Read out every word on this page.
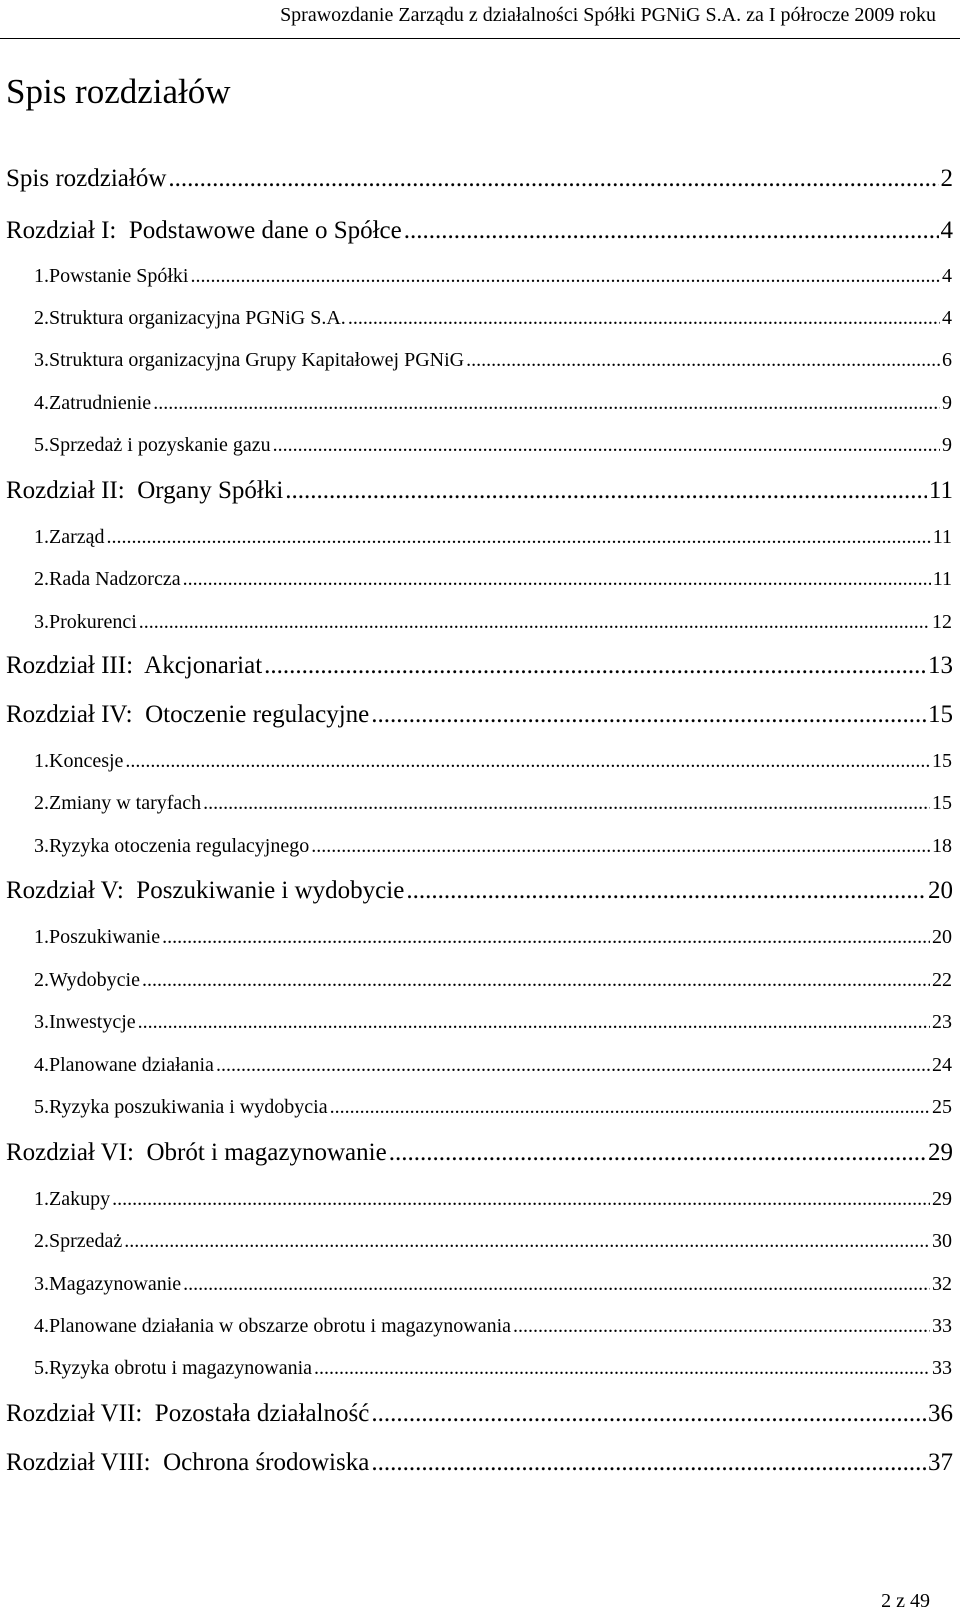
Sprawozdanie Zarządu z działalności Spółki PGNiG S.A. za I półrocze 2009 roku
Spis rozdziałów
Spis rozdziałów .....	2
Rozdział I:  Podstawowe dane o Spółce .....	4
1. Powstanie Spółki .....	4
2. Struktura organizacyjna PGNiG S.A. .....	4
3. Struktura organizacyjna Grupy Kapitałowej PGNiG .....	6
4. Zatrudnienie .....	9
5. Sprzedaż i pozyskanie gazu .....	9
Rozdział II:  Organy Spółki .....	11
1. Zarząd .....	11
2. Rada Nadzorcza .....	11
3. Prokurenci .....	12
Rozdział III:  Akcjonariat .....	13
Rozdział IV:  Otoczenie regulacyjne .....	15
1. Koncesje .....	15
2. Zmiany w taryfach .....	15
3. Ryzyka otoczenia regulacyjnego .....	18
Rozdział V:  Poszukiwanie i wydobycie .....	20
1. Poszukiwanie .....	20
2. Wydobycie .....	22
3. Inwestycje .....	23
4. Planowane działania .....	24
5. Ryzyka poszukiwania i wydobycia .....	25
Rozdział VI:  Obrót i magazynowanie .....	29
1. Zakupy .....	29
2. Sprzedaż .....	30
3. Magazynowanie .....	32
4. Planowane działania w obszarze obrotu i magazynowania .....	33
5. Ryzyka obrotu i magazynowania .....	33
Rozdział VII:  Pozostała działalność .....	36
Rozdział VIII:  Ochrona środowiska .....	37
2 z 49
